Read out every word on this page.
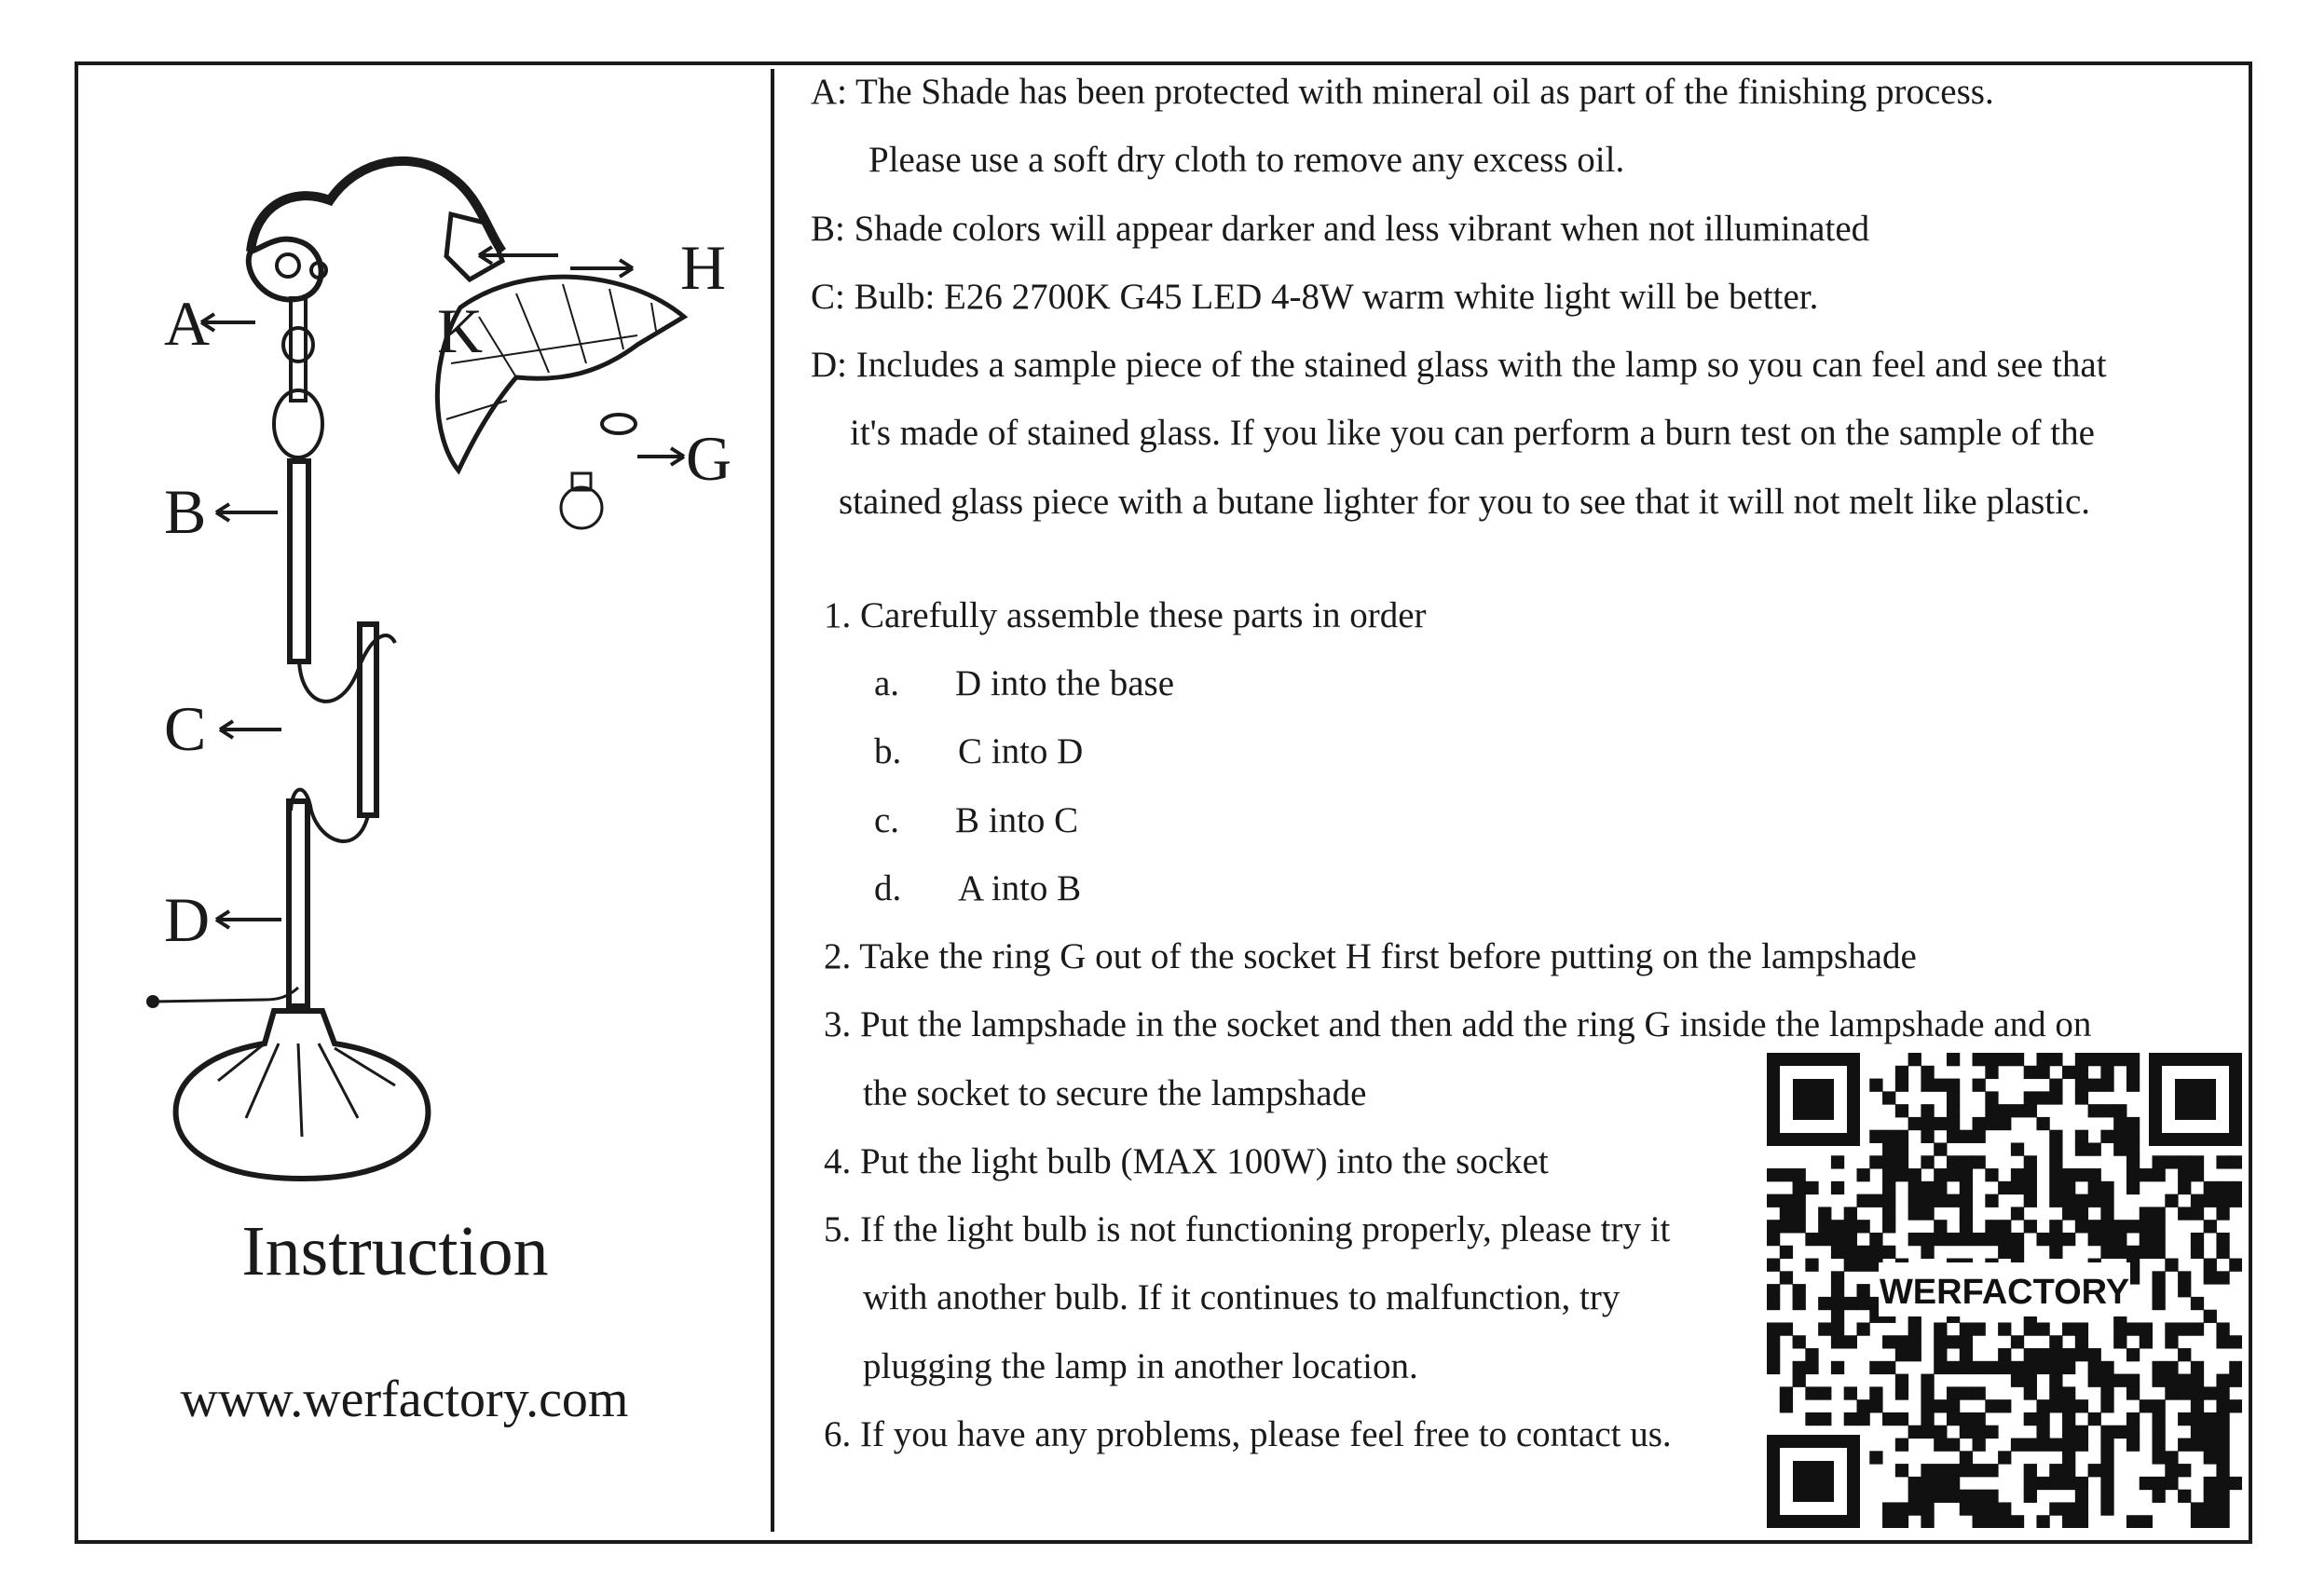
A	K
H
B
G
C
D
Instruction
www.werfactory.com
A: The Shade has been protected with mineral oil as part of the finishing process.
Please use a soft dry cloth to remove any excess oil.
B: Shade colors will appear darker and less vibrant when not illuminated
C: Bulb: E26 2700K G45 LED 4-8W warm white light will be better.
D: Includes a sample piece of the stained glass with the lamp so you can feel and see that
it's made of stained glass. If you like you can perform a burn test on the sample of the
stained glass piece with a butane lighter for you to see that it will not melt like plastic.
1. Carefully assemble these parts in order
a. D into the base
b. C into D
c. B into C
d. A into B
2. Take the ring G out of the socket H first before putting on the lampshade
3. Put the lampshade in the socket and then add the ring G inside the lampshade and on
the socket to secure the lampshade
4. Put the light bulb (MAX 100W) into the socket
5. If the light bulb is not functioning properly, please try it
with another bulb. If it continues to malfunction, try
plugging the lamp in another location.
6. If you have any problems, please feel free to contact us.
WERFACTORY
